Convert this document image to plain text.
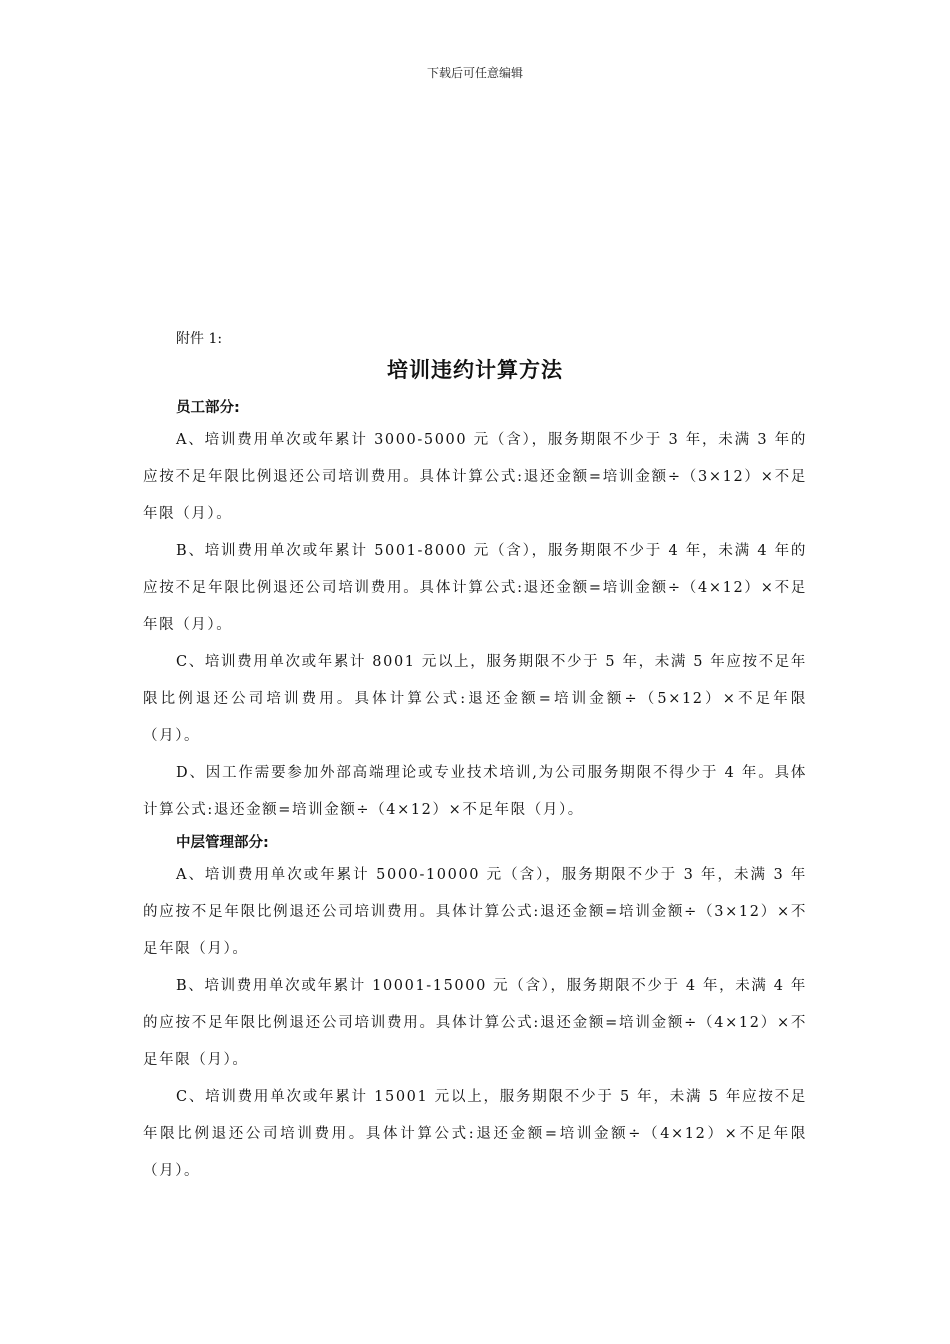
下载后可任意编辑
附件 1:
培训违约计算方法

员工部分:

A、培训费用单次或年累计 3000-5000 元（含），服务期限不少于 3 年，未满 3 年的应按不足年限比例退还公司培训费用。具体计算公式:退还金额=培训金额÷（3×12）×不足年限（月）。

B、培训费用单次或年累计 5001-8000 元（含），服务期限不少于 4 年，未满 4 年的应按不足年限比例退还公司培训费用。具体计算公式:退还金额=培训金额÷（4×12）×不足年限（月）。

C、培训费用单次或年累计 8001 元以上，服务期限不少于 5 年，未满 5 年应按不足年限比例退还公司培训费用。具体计算公式:退还金额=培训金额÷（5×12）×不足年限（月）。

D、因工作需要参加外部高端理论或专业技术培训,为公司服务期限不得少于 4 年。具体计算公式:退还金额=培训金额÷（4×12）×不足年限（月）。

中层管理部分:

A、培训费用单次或年累计 5000-10000 元（含），服务期限不少于 3 年，未满 3 年的应按不足年限比例退还公司培训费用。具体计算公式:退还金额=培训金额÷（3×12）×不足年限（月）。

B、培训费用单次或年累计 10001-15000 元（含），服务期限不少于 4 年，未满 4 年的应按不足年限比例退还公司培训费用。具体计算公式:退还金额=培训金额÷（4×12）×不足年限（月）。

C、培训费用单次或年累计 15001 元以上，服务期限不少于 5 年，未满 5 年应按不足年限比例退还公司培训费用。具体计算公式:退还金额=培训金额÷（4×12）×不足年限（月）。
